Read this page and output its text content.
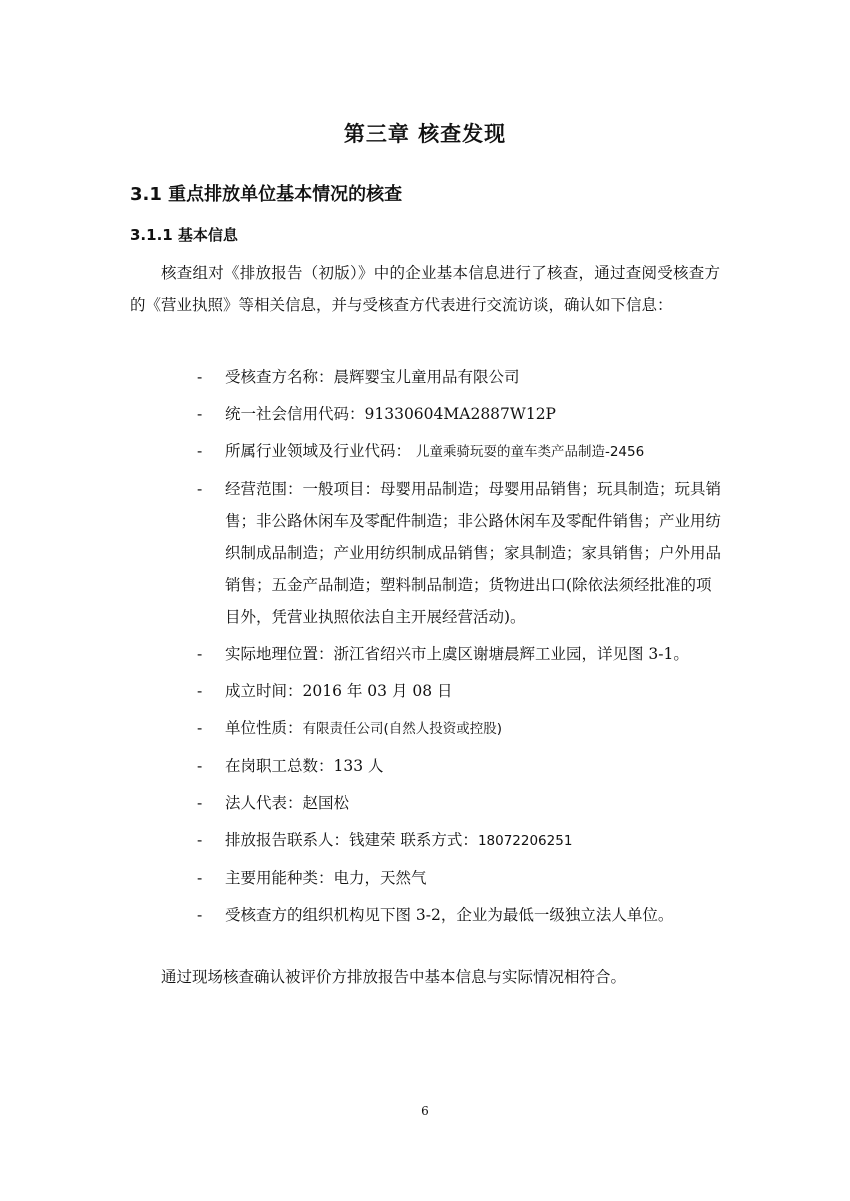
第三章 核查发现
3.1 重点排放单位基本情况的核查
3.1.1 基本信息

核查组对《排放报告（初版）》中的企业基本信息进行了核查，通过查阅受核查方的《营业执照》等相关信息，并与受核查方代表进行交流访谈，确认如下信息：

- 受核查方名称：晨辉婴宝儿童用品有限公司
- 统一社会信用代码：91330604MA2887W12P
- 所属行业领域及行业代码： 儿童乘骑玩耍的童车类产品制造-2456
- 经营范围：一般项目：母婴用品制造；母婴用品销售；玩具制造；玩具销售；非公路休闲车及零配件制造；非公路休闲车及零配件销售；产业用纺织制成品制造；产业用纺织制成品销售；家具制造；家具销售；户外用品销售；五金产品制造；塑料制品制造；货物进出口(除依法须经批准的项目外，凭营业执照依法自主开展经营活动)。
- 实际地理位置：浙江省绍兴市上虞区谢塘晨辉工业园，详见图 3-1。
- 成立时间：2016 年 03 月 08 日
- 单位性质：有限责任公司(自然人投资或控股)
- 在岗职工总数：133 人
- 法人代表：赵国松
- 排放报告联系人：钱建荣 联系方式：18072206251
- 主要用能种类：电力，天然气
- 受核查方的组织机构见下图 3-2，企业为最低一级独立法人单位。

通过现场核查确认被评价方排放报告中基本信息与实际情况相符合。

6
